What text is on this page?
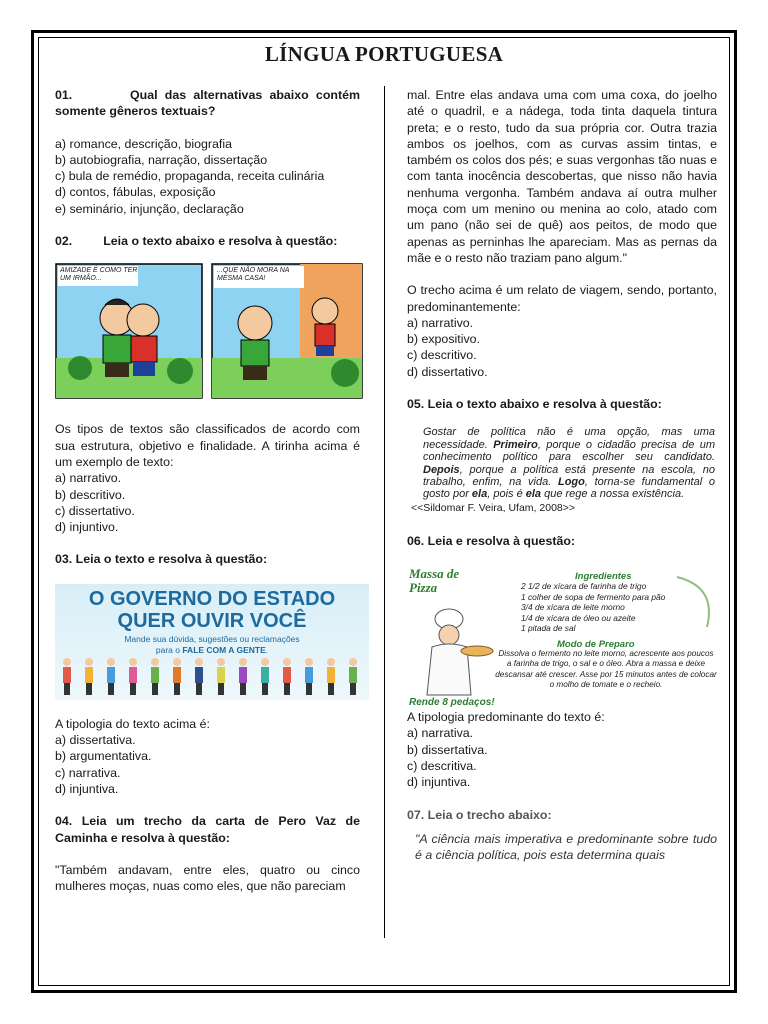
LÍNGUA PORTUGUESA

01.	Qual das alternativas abaixo contém somente gêneros textuais?

a) romance, descrição, biografia

b) autobiografia, narração, dissertação

c) bula de remédio, propaganda, receita culinária

d) contos, fábulas, exposição

e) seminário, injunção, declaração

02. Leia o texto abaixo e resolva à questão:

AMIZADE É COMO TER UM IRMÃO...
...QUE NÃO MORA NA MESMA CASA!

Os tipos de textos são classificados de acordo com sua estrutura, objetivo e finalidade. A tirinha acima é um exemplo de texto:

a) narrativo.

b) descritivo.

c) dissertativo.

d) injuntivo.

03. Leia o texto e resolva à questão:

O GOVERNO DO ESTADO
QUER OUVIR VOCÊ
Mande sua dúvida, sugestões ou reclamações
para o FALE COM A GENTE.

A tipologia do texto acima é:

a) dissertativa.

b) argumentativa.

c) narrativa.

d) injuntiva.

04. Leia um trecho da carta de Pero Vaz de Caminha e resolva à questão:

"Também andavam, entre eles, quatro ou cinco mulheres moças, nuas como eles, que não pareciam

mal. Entre elas andava uma com uma coxa, do joelho até o quadril, e a nádega, toda tinta daquela tintura preta; e o resto, tudo da sua própria cor. Outra trazia ambos os joelhos, com as curvas assim tintas, e também os colos dos pés; e suas vergonhas tão nuas e com tanta inocência descobertas, que nisso não havia nenhuma vergonha. Também andava aí outra mulher moça com um menino ou menina ao colo, atado com um pano (não sei de quê) aos peitos, de modo que apenas as perninhas lhe apareciam. Mas as pernas da mãe e o resto não traziam pano algum."

O trecho acima é um relato de viagem, sendo, portanto, predominantemente:

a) narrativo.

b) expositivo.

c) descritivo.

d) dissertativo.

05. Leia o texto abaixo e resolva à questão:

Gostar de política não é uma opção, mas uma necessidade. Primeiro, porque o cidadão precisa de um conhecimento político para escolher seu candidato. Depois, porque a política está presente na escola, no trabalho, enfim, na vida. Logo, torna-se fundamental o gosto por ela, pois é ela que rege a nossa existência.
<<Sildomar F. Veira, Ufam, 2008>>

06. Leia e resolva à questão:

Massa de Pizza
Ingredientes
2 1/2 de xícara de farinha de trigo
1 colher de sopa de fermento para pão
3/4 de xícara de leite morno
1/4 de xícara de óleo ou azeite
1 pitada de sal
Modo de Preparo
Dissolva o fermento no leite morno, acrescente aos poucos a farinha de trigo, o sal e o óleo. Abra a massa e deixe descansar até crescer. Asse por 15 minutos antes de colocar o molho de tomate e o recheio.
Rende 8 pedaços!

A tipologia predominante do texto é:

a) narrativa.

b) dissertativa.

c) descritiva.

d) injuntiva.

07. Leia o trecho abaixo:

"A ciência mais imperativa e predominante sobre tudo é a ciência política, pois esta determina quais
